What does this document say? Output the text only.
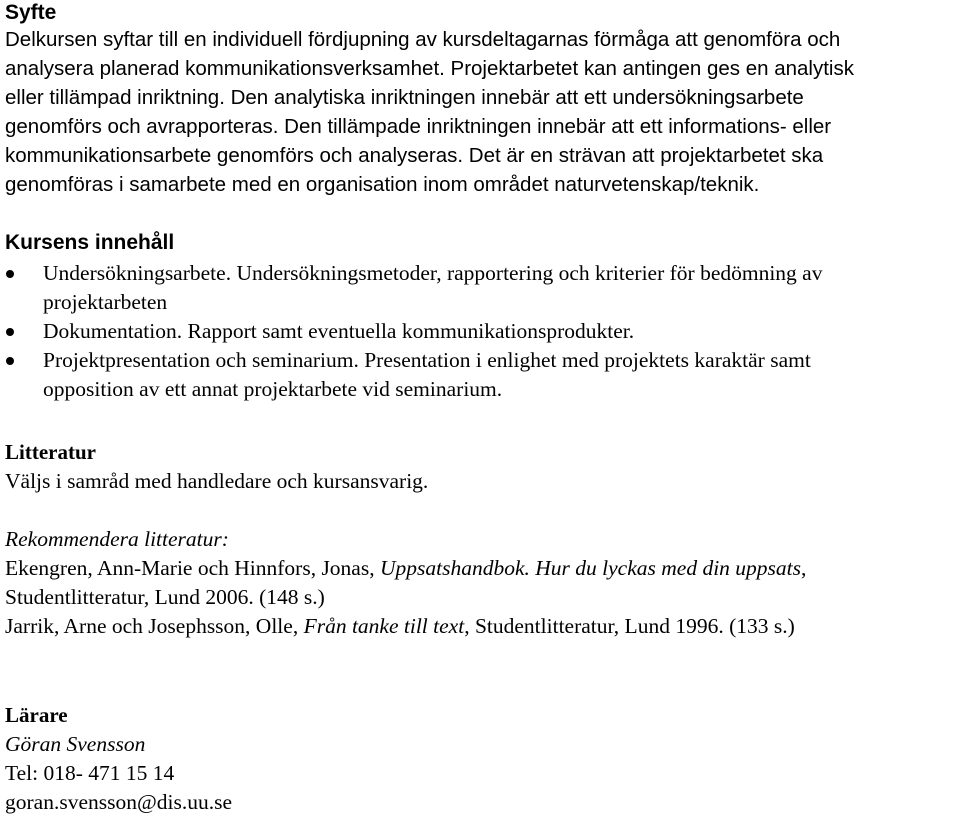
Syfte
Delkursen syftar till en individuell fördjupning av kursdeltagarnas förmåga att genomföra och
analysera planerad kommunikationsverksamhet. Projektarbetet kan antingen ges en analytisk
eller tillämpad inriktning. Den analytiska inriktningen innebär att ett undersökningsarbete
genomförs och avrapporteras. Den tillämpade inriktningen innebär att ett informations- eller
kommunikationsarbete genomförs och analyseras. Det är en strävan att projektarbetet ska
genomföras i samarbete med en organisation inom området naturvetenskap/teknik.
Kursens innehåll
Undersökningsarbete. Undersökningsmetoder, rapportering och kriterier för bedömning av
projektarbeten
Dokumentation. Rapport samt eventuella kommunikationsprodukter.
Projektpresentation och seminarium. Presentation i enlighet med projektets karaktär samt
opposition av ett annat projektarbete vid seminarium.
Litteratur
Väljs i samråd med handledare och kursansvarig.
Rekommendera litteratur:
Ekengren, Ann-Marie och Hinnfors, Jonas, Uppsatshandbok. Hur du lyckas med din uppsats,
Studentlitteratur, Lund 2006. (148 s.)
Jarrik, Arne och Josephsson, Olle, Från tanke till text, Studentlitteratur, Lund 1996. (133 s.)
Lärare
Göran Svensson
Tel: 018- 471 15 14
goran.svensson@dis.uu.se
